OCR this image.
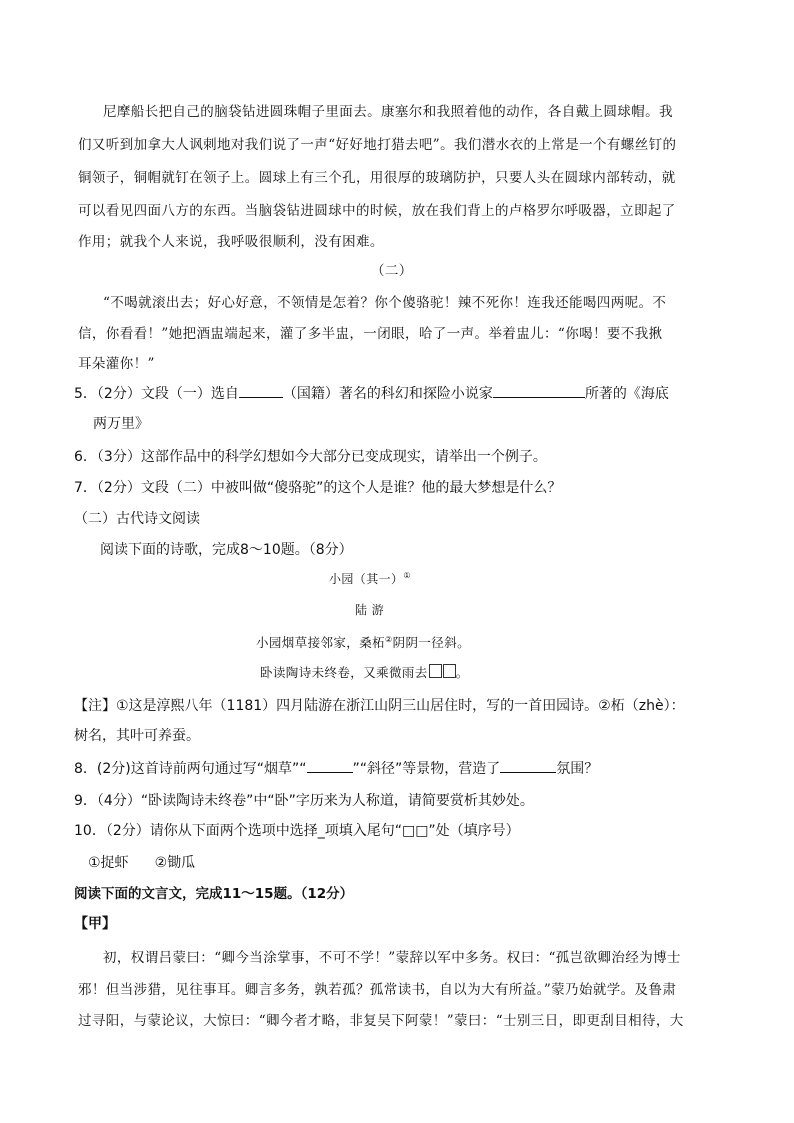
尼摩船长把自己的脑袋钻进圆珠帽子里面去。康塞尔和我照着他的动作，各自戴上圆球帽。我
们又听到加拿大人讽刺地对我们说了一声“好好地打猎去吧”。我们潜水衣的上常是一个有螺丝钉的
铜领子，铜帽就钉在领子上。圆球上有三个孔，用很厚的玻璃防护，只要人头在圆球内部转动，就
可以看见四面八方的东西。当脑袋钻进圆球中的时候，放在我们背上的卢格罗尔呼吸器，立即起了
作用；就我个人来说，我呼吸很顺利，没有困难。
（二）
“不喝就滚出去；好心好意，不领情是怎着？你个傻骆驼！辣不死你！连我还能喝四两呢。不
信，你看看！”她把酒盅端起来，灌了多半盅，一闭眼，哈了一声。举着盅儿：“你喝！要不我揪
耳朵灌你！”
5．（2分）文段（一）选自	（国籍）著名的科幻和探险小说家	所著的《海底
两万里》
6．（3分）这部作品中的科学幻想如今大部分已变成现实，请举出一个例子。
7．（2分）文段（二）中被叫做“傻骆驼”的这个人是谁？他的最大梦想是什么？
（二）古代诗文阅读
阅读下面的诗歌，完成8～10题。（8分）
小园（其一）①
陆 游
小园烟草接邻家，桑柘②阴阴一径斜。
卧读陶诗未终卷，又乘微雨去 。
【注】①这是淳熙八年（1181）四月陆游在浙江山阴三山居住时，写的一首田园诗。②柘（zhè）：
树名，其叶可养蚕。
8．(2分)这首诗前两句通过写“烟草”“	”“斜径”等景物，营造了	氛围？
9．（4分）“卧读陶诗未终卷”中“卧”字历来为人称道，请简要赏析其妙处。
10．（2分）请你从下面两个选项中选择_项填入尾句“□□”处（填序号）
①捉虾 ②锄瓜
阅读下面的文言文，完成11～15题。（12分）
【甲】
初，权谓吕蒙曰：“卿今当涂掌事，不可不学！”蒙辞以军中多务。权曰：“孤岂欲卿治经为博士
邪！但当涉猎，见往事耳。卿言多务，孰若孤？孤常读书，自以为大有所益。”蒙乃始就学。及鲁肃
过寻阳，与蒙论议，大惊曰：“卿今者才略，非复吴下阿蒙！”蒙曰：“士别三日，即更刮目相待，大
